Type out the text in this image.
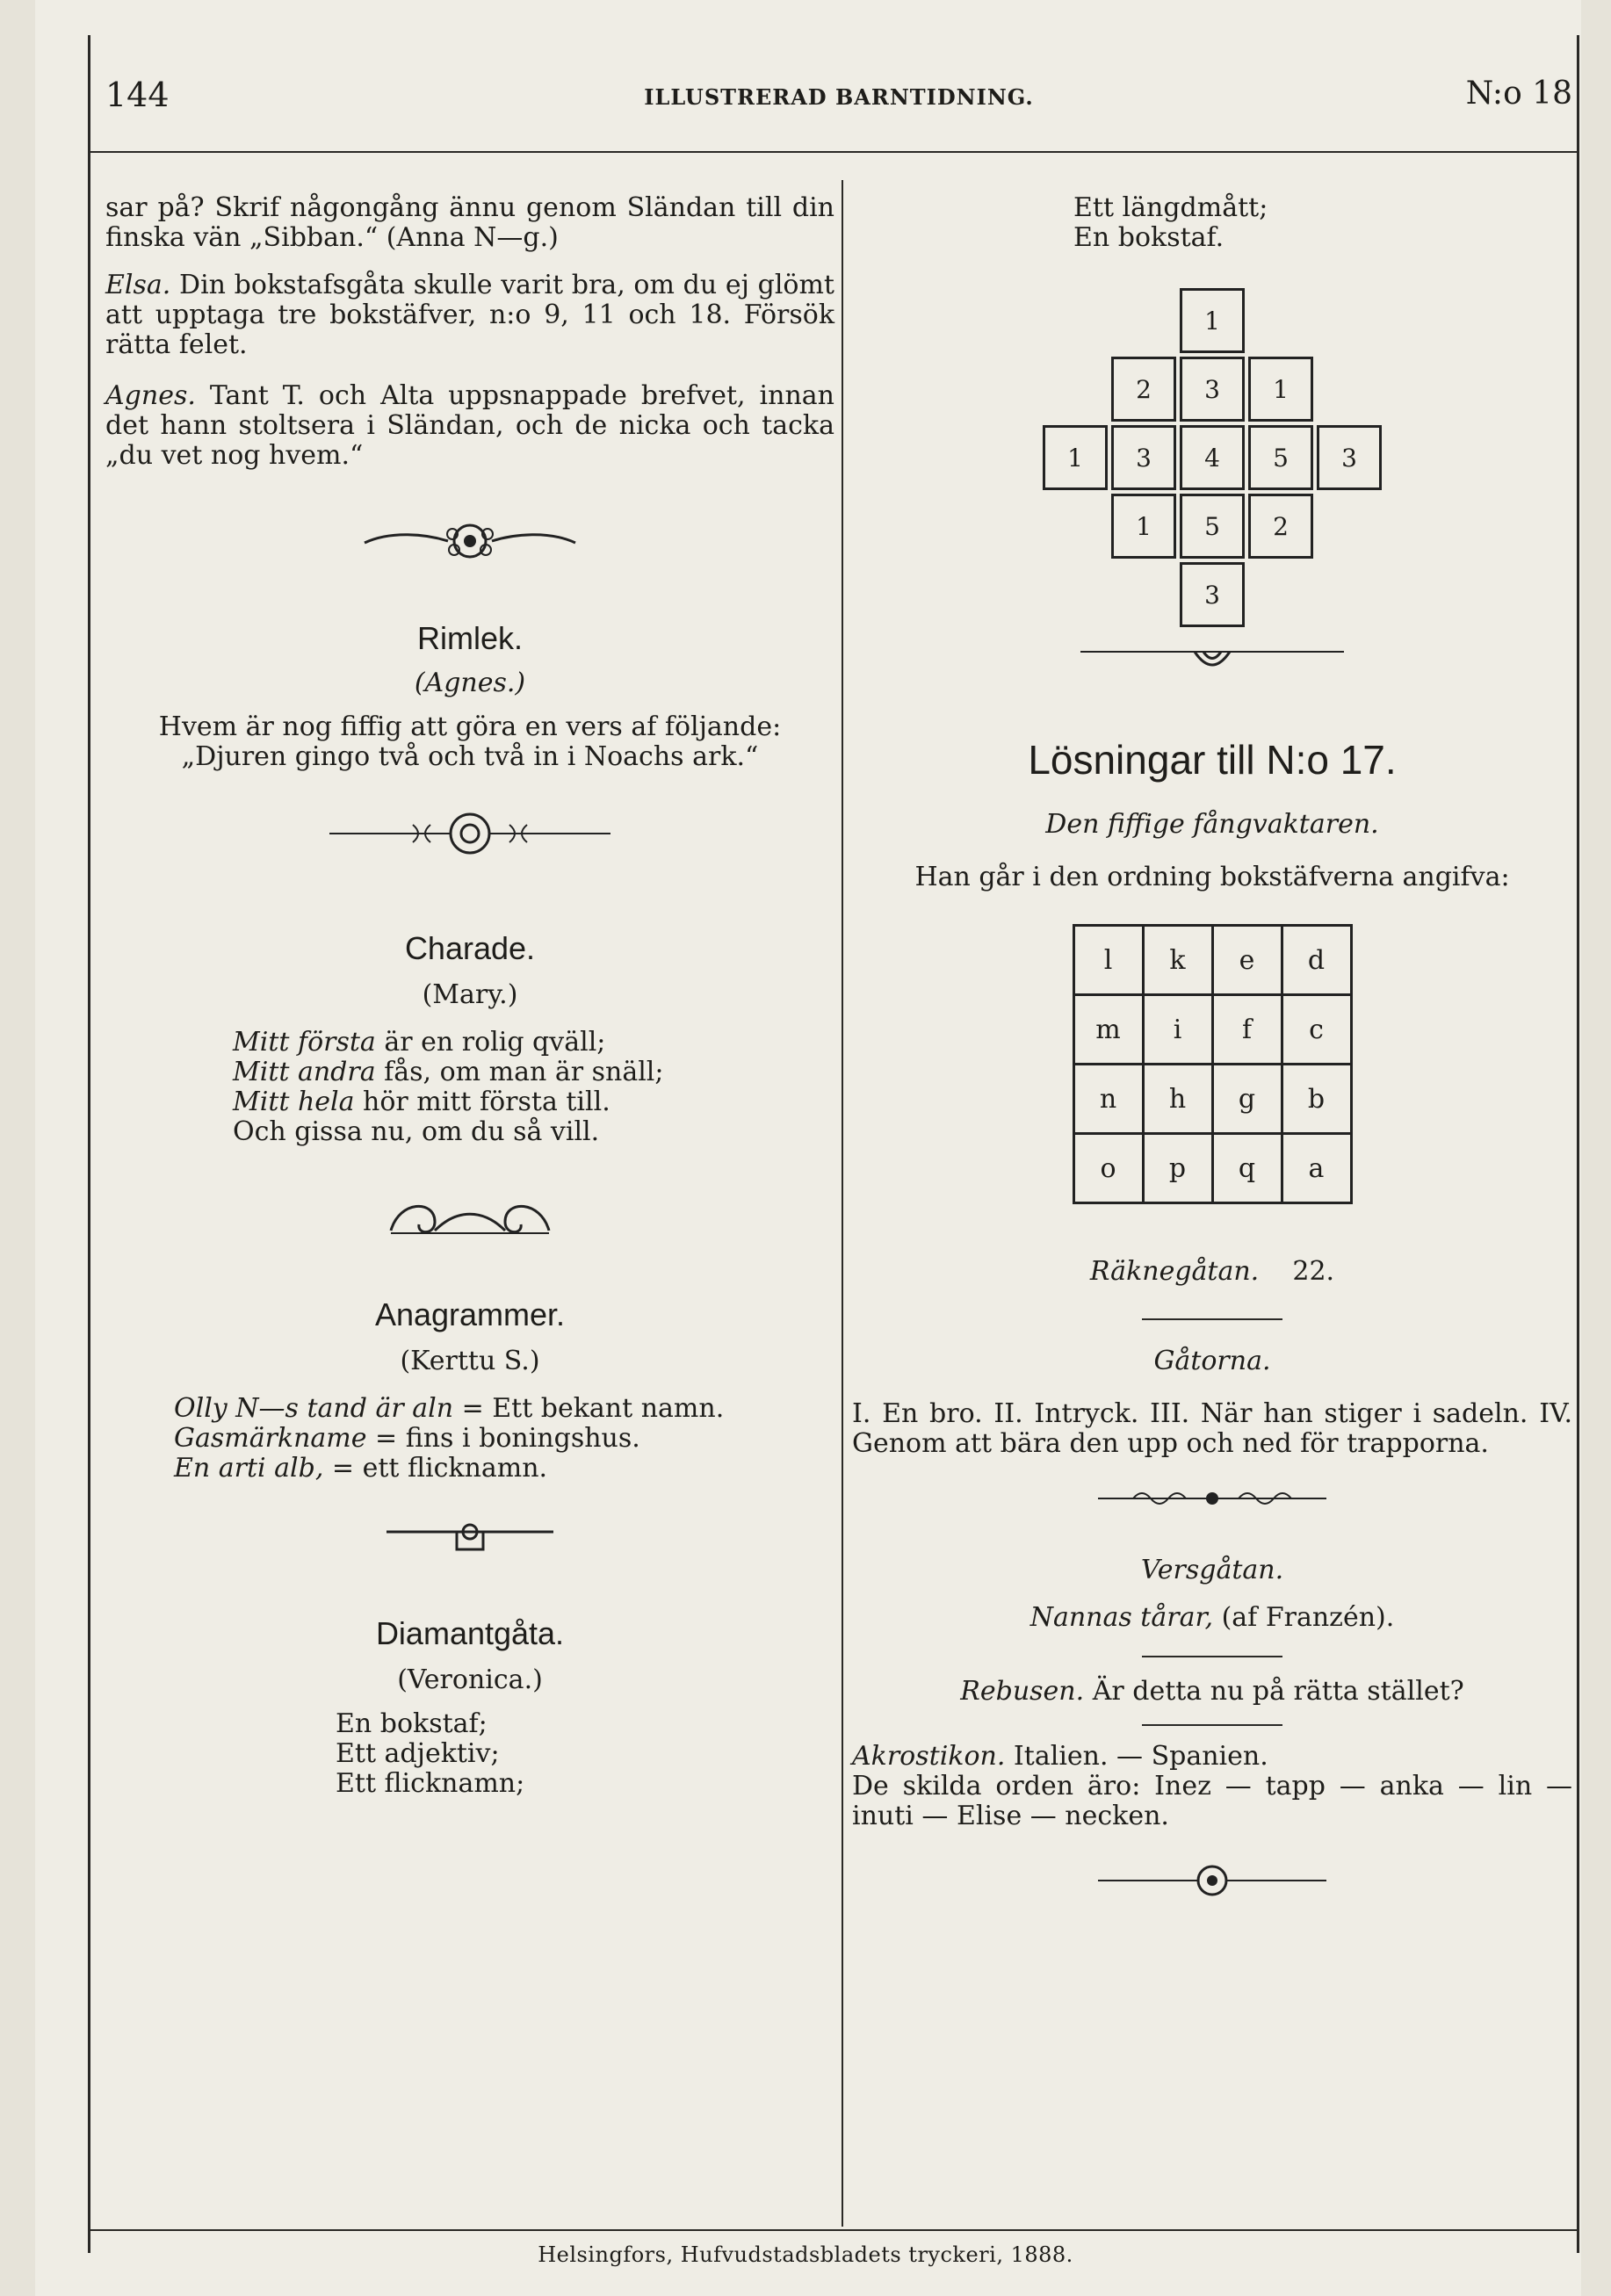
144	ILLUSTRERAD BARNTIDNING.	N:o 18

sar på? Skrif någongång ännu genom Sländan till din finska vän „Sibban.“ (Anna N—g.)

Elsa. Din bokstafsgåta skulle varit bra, om du ej glömt att upptaga tre bokstäfver, n:o 9, 11 och 18. Försök rätta felet.

Agnes. Tant T. och Alta uppsnappade brefvet, innan det hann stoltsera i Sländan, och de nicka och tacka „du vet nog hvem.“

Rimlek.

(Agnes.)

Hvem är nog fiffig att göra en vers af följande:

„Djuren gingo två och två in i Noachs ark.“

Charade.

(Mary.)

Mitt första är en rolig qväll;

Mitt andra fås, om man är snäll;

Mitt hela hör mitt första till.

Och gissa nu, om du så vill.

Anagrammer.

(Kerttu S.)

Olly N—s tand är aln = Ett bekant namn.

Gasmärkname = fins i boningshus.

En arti alb, = ett flicknamn.

Diamantgåta.

(Veronica.)

En bokstaf;

Ett adjektiv;

Ett flicknamn;

Ett längdmått;

En bokstaf.

1
2	3	1
1	3	4	5	3
1	5	2
3

Lösningar till N:o 17.

Den fiffige fångvaktaren.

Han går i den ordning bokstäfverna angifva:

l	k	e	d
m	i	f	c
n	h	g	b
o	p	q	a

Räknegåtan. 22.

Gåtorna.

I. En bro. II. Intryck. III. När han stiger i sadeln. IV. Genom att bära den upp och ned för trapporna.

Versgåtan.

Nannas tårar, (af Franzén).

Rebusen. Är detta nu på rätta stället?

Akrostikon. Italien. — Spanien.

De skilda orden äro: Inez — tapp — anka — lin — inuti — Elise — necken.

Helsingfors, Hufvudstadsbladets tryckeri, 1888.
